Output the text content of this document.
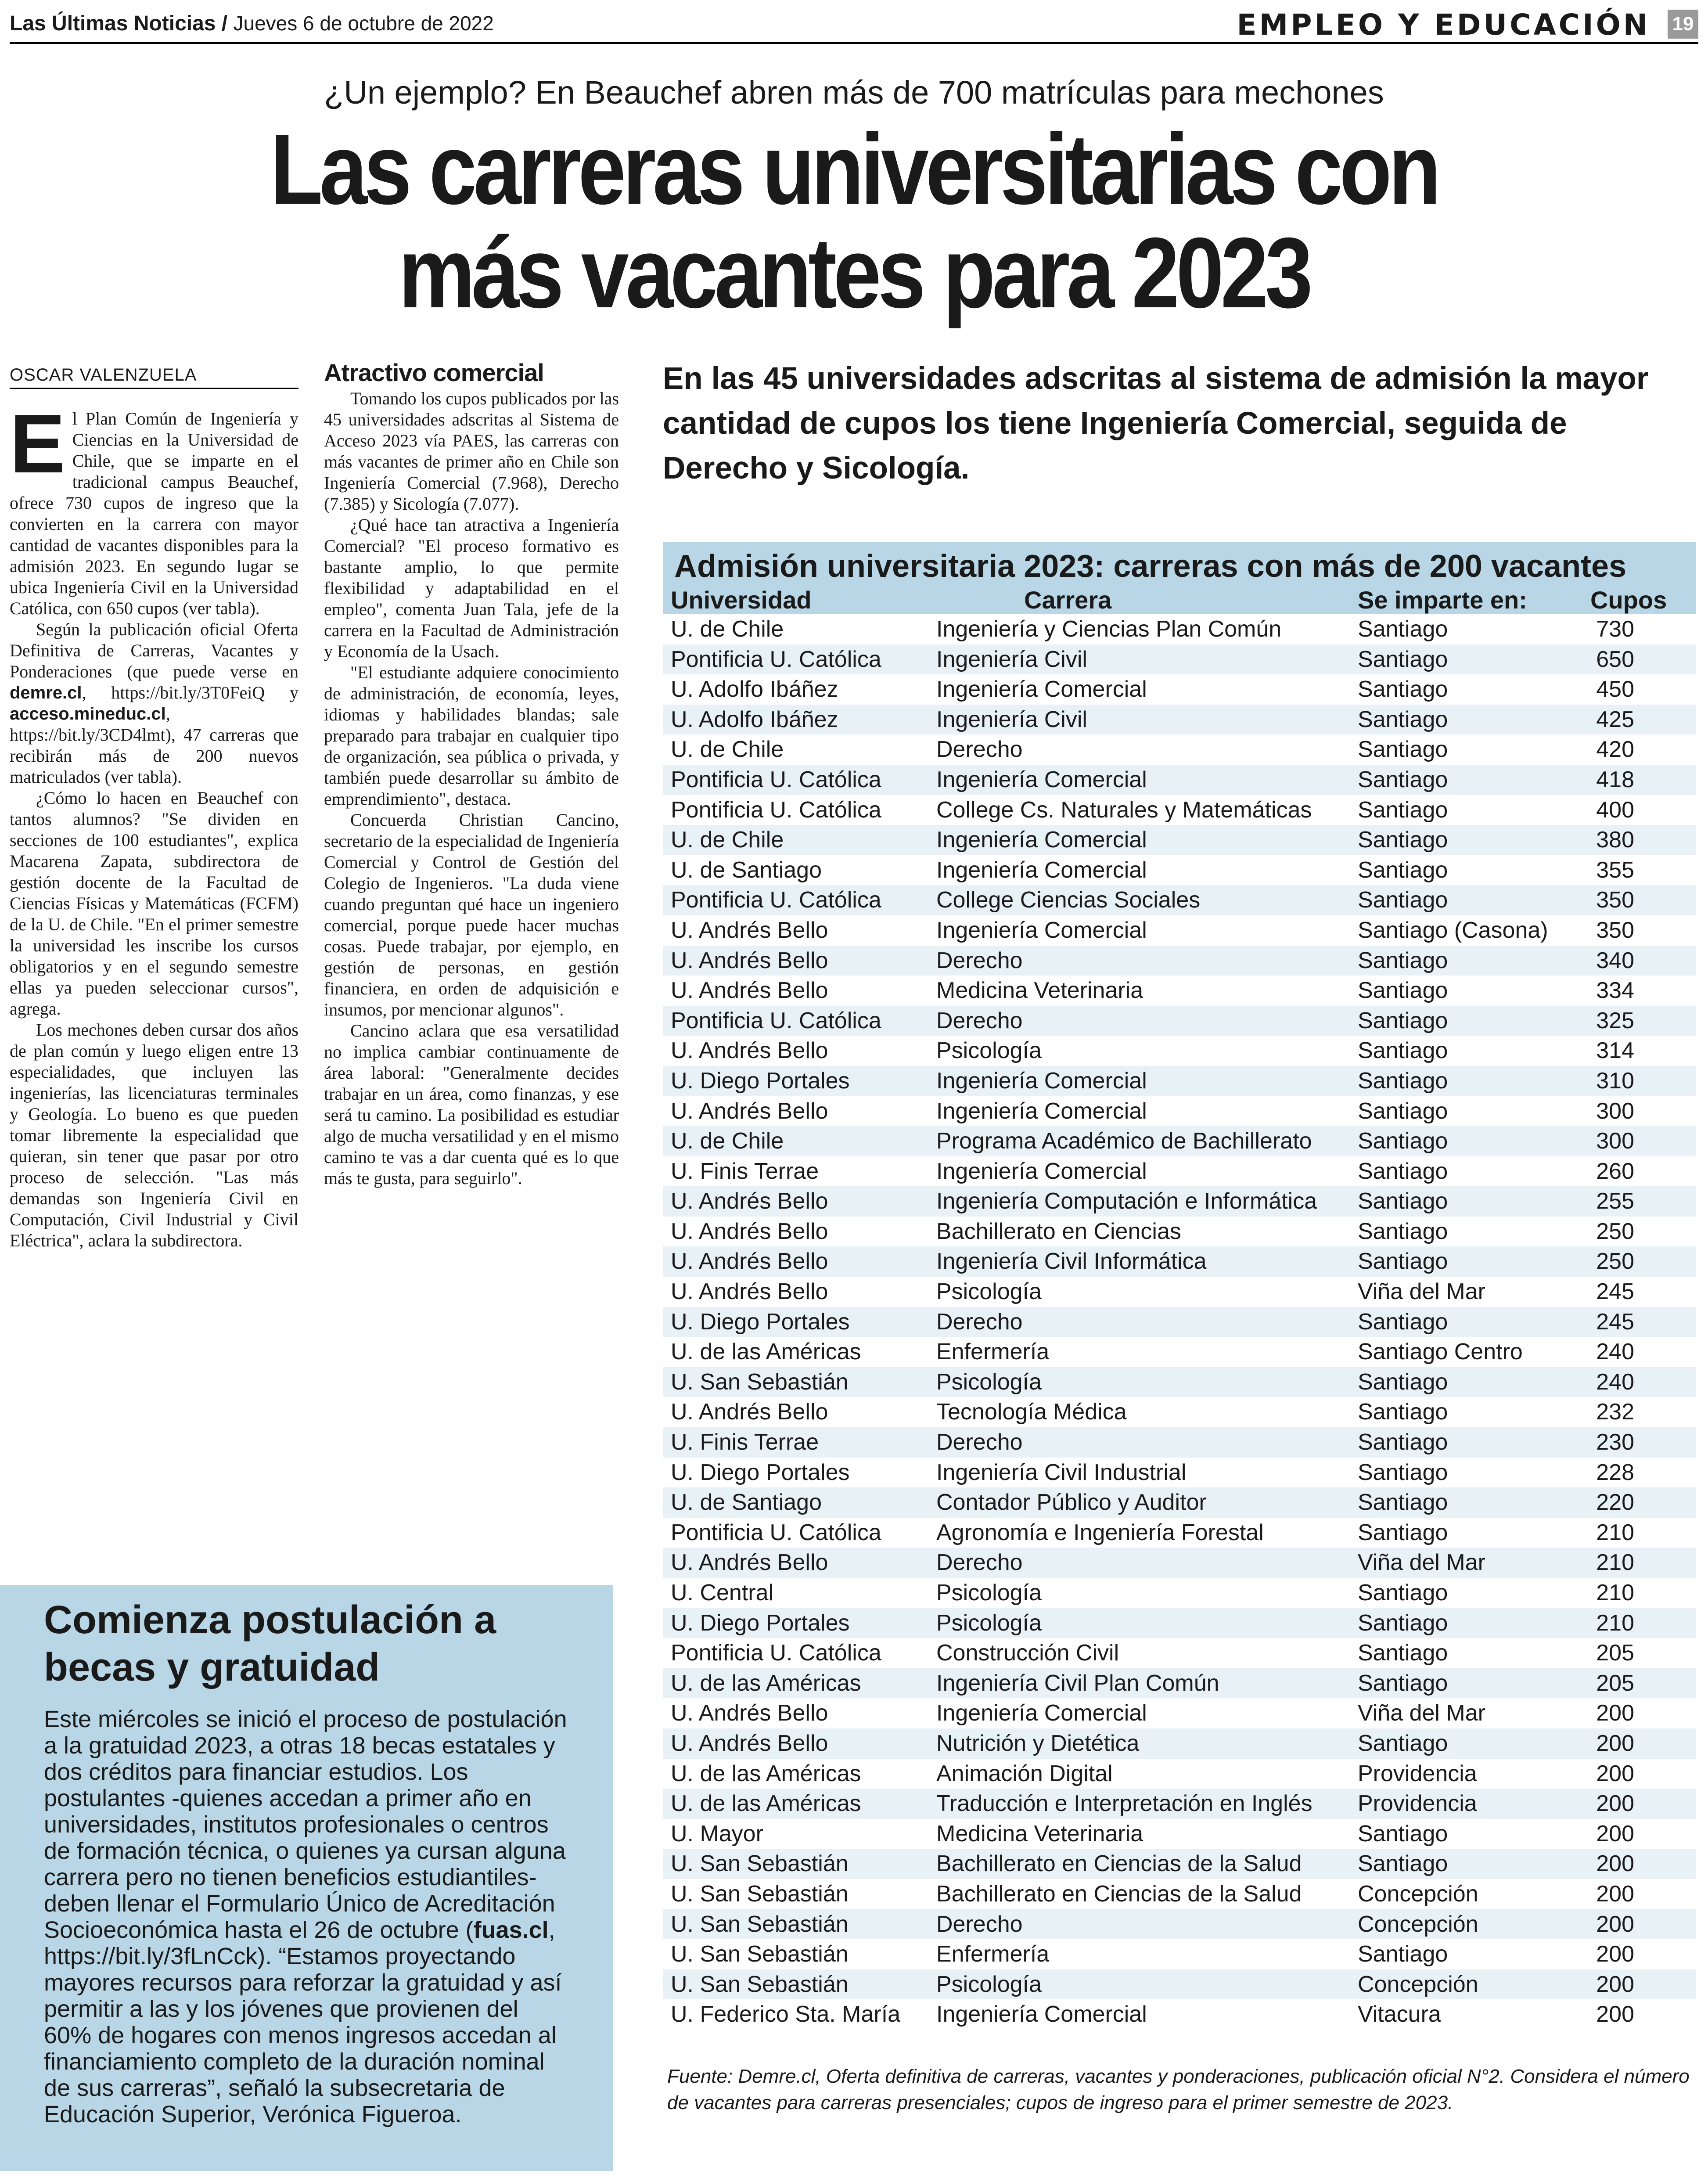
Las Últimas Noticias / Jueves 6 de octubre de 2022	EMPLEO Y EDUCACIÓN 19
¿Un ejemplo? En Beauchef abren más de 700 matrículas para mechones
Las carreras universitarias con
más vacantes para 2023
OSCAR VALENZUELA

El Plan Común de Ingeniería y Ciencias en la Universidad de Chile, que se imparte en el tradicional campus Beauchef, ofrece 730 cupos de ingreso que la convierten en la carrera con mayor cantidad de vacantes disponibles para la admisión 2023. En segundo lugar se ubica Ingeniería Civil en la Universidad Católica, con 650 cupos (ver tabla).

Según la publicación oficial Oferta Definitiva de Carreras, Vacantes y Ponderaciones (que puede verse en demre.cl, https://bit.ly/3T0FeiQ y acceso.mineduc.cl, https://bit.ly/3CD4lmt), 47 carreras que recibirán más de 200 nuevos matriculados (ver tabla).

¿Cómo lo hacen en Beauchef con tantos alumnos? "Se dividen en secciones de 100 estudiantes", explica Macarena Zapata, subdirectora de gestión docente de la Facultad de Ciencias Físicas y Matemáticas (FCFM) de la U. de Chile. "En el primer semestre la universidad les inscribe los cursos obligatorios y en el segundo semestre ellas ya pueden seleccionar cursos", agrega.

Los mechones deben cursar dos años de plan común y luego eligen entre 13 especialidades, que incluyen las ingenierías, las licenciaturas terminales y Geología. Lo bueno es que pueden tomar libremente la especialidad que quieran, sin tener que pasar por otro proceso de selección. "Las más demandas son Ingeniería Civil en Computación, Civil Industrial y Civil Eléctrica", aclara la subdirectora.

Atractivo comercial

Tomando los cupos publicados por las 45 universidades adscritas al Sistema de Acceso 2023 vía PAES, las carreras con más vacantes de primer año en Chile son Ingeniería Comercial (7.968), Derecho (7.385) y Sicología (7.077).

¿Qué hace tan atractiva a Ingeniería Comercial? "El proceso formativo es bastante amplio, lo que permite flexibilidad y adaptabilidad en el empleo", comenta Juan Tala, jefe de la carrera en la Facultad de Administración y Economía de la Usach.

"El estudiante adquiere conocimiento de administración, de economía, leyes, idiomas y habilidades blandas; sale preparado para trabajar en cualquier tipo de organización, sea pública o privada, y también puede desarrollar su ámbito de emprendimiento", destaca.

Concuerda Christian Cancino, secretario de la especialidad de Ingeniería Comercial y Control de Gestión del Colegio de Ingenieros. "La duda viene cuando preguntan qué hace un ingeniero comercial, porque puede hacer muchas cosas. Puede trabajar, por ejemplo, en gestión de personas, en gestión financiera, en orden de adquisición e insumos, por mencionar algunos".

Cancino aclara que esa versatilidad no implica cambiar continuamente de área laboral: "Generalmente decides trabajar en un área, como finanzas, y ese será tu camino. La posibilidad es estudiar algo de mucha versatilidad y en el mismo camino te vas a dar cuenta qué es lo que más te gusta, para seguirlo".

En las 45 universidades adscritas al sistema de admisión la mayor cantidad de cupos los tiene Ingeniería Comercial, seguida de Derecho y Sicología.
Admisión universitaria 2023: carreras con más de 200 vacantes
Universidad	Carrera	Se imparte en:	Cupos
U. de Chile	Ingeniería y Ciencias Plan Común	Santiago	730
Pontificia U. Católica	Ingeniería Civil	Santiago	650
U. Adolfo Ibáñez	Ingeniería Comercial	Santiago	450
U. Adolfo Ibáñez	Ingeniería Civil	Santiago	425
U. de Chile	Derecho	Santiago	420
Pontificia U. Católica	Ingeniería Comercial	Santiago	418
Pontificia U. Católica	College Cs. Naturales y Matemáticas	Santiago	400
U. de Chile	Ingeniería Comercial	Santiago	380
U. de Santiago	Ingeniería Comercial	Santiago	355
Pontificia U. Católica	College Ciencias Sociales	Santiago	350
U. Andrés Bello	Ingeniería Comercial	Santiago (Casona)	350
U. Andrés Bello	Derecho	Santiago	340
U. Andrés Bello	Medicina Veterinaria	Santiago	334
Pontificia U. Católica	Derecho	Santiago	325
U. Andrés Bello	Psicología	Santiago	314
U. Diego Portales	Ingeniería Comercial	Santiago	310
U. Andrés Bello	Ingeniería Comercial	Santiago	300
U. de Chile	Programa Académico de Bachillerato	Santiago	300
U. Finis Terrae	Ingeniería Comercial	Santiago	260
U. Andrés Bello	Ingeniería Computación e Informática	Santiago	255
U. Andrés Bello	Bachillerato en Ciencias	Santiago	250
U. Andrés Bello	Ingeniería Civil Informática	Santiago	250
U. Andrés Bello	Psicología	Viña del Mar	245
U. Diego Portales	Derecho	Santiago	245
U. de las Américas	Enfermería	Santiago Centro	240
U. San Sebastián	Psicología	Santiago	240
U. Andrés Bello	Tecnología Médica	Santiago	232
U. Finis Terrae	Derecho	Santiago	230
U. Diego Portales	Ingeniería Civil Industrial	Santiago	228
U. de Santiago	Contador Público y Auditor	Santiago	220
Pontificia U. Católica	Agronomía e Ingeniería Forestal	Santiago	210
U. Andrés Bello	Derecho	Viña del Mar	210
U. Central	Psicología	Santiago	210
U. Diego Portales	Psicología	Santiago	210
Pontificia U. Católica	Construcción Civil	Santiago	205
U. de las Américas	Ingeniería Civil Plan Común	Santiago	205
U. Andrés Bello	Ingeniería Comercial	Viña del Mar	200
U. Andrés Bello	Nutrición y Dietética	Santiago	200
U. de las Américas	Animación Digital	Providencia	200
U. de las Américas	Traducción e Interpretación en Inglés	Providencia	200
U. Mayor	Medicina Veterinaria	Santiago	200
U. San Sebastián	Bachillerato en Ciencias de la Salud	Santiago	200
U. San Sebastián	Bachillerato en Ciencias de la Salud	Concepción	200
U. San Sebastián	Derecho	Concepción	200
U. San Sebastián	Enfermería	Santiago	200
U. San Sebastián	Psicología	Concepción	200
U. Federico Sta. María	Ingeniería Comercial	Vitacura	200
Fuente: Demre.cl, Oferta definitiva de carreras, vacantes y ponderaciones, publicación oficial N°2. Considera el número de vacantes para carreras presenciales; cupos de ingreso para el primer semestre de 2023.
Comienza postulación a becas y gratuidad
Este miércoles se inició el proceso de postulación a la gratuidad 2023, a otras 18 becas estatales y dos créditos para financiar estudios. Los postulantes -quienes accedan a primer año en universidades, institutos profesionales o centros de formación técnica, o quienes ya cursan alguna carrera pero no tienen beneficios estudiantiles- deben llenar el Formulario Único de Acreditación Socioeconómica hasta el 26 de octubre (fuas.cl, https://bit.ly/3fLnCck). “Estamos proyectando mayores recursos para reforzar la gratuidad y así permitir a las y los jóvenes que provienen del 60% de hogares con menos ingresos accedan al financiamiento completo de la duración nominal de sus carreras”, señaló la subsecretaria de Educación Superior, Verónica Figueroa.
